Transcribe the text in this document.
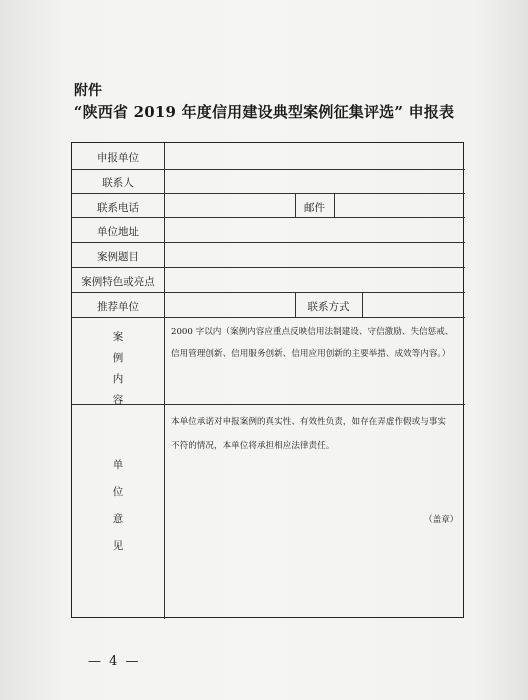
附件
“陕西省 2019 年度信用建设典型案例征集评选” 申报表
申报单位
联系人
联系电话	邮件
单位地址
案例题目
案例特色或亮点
推荐单位	联系方式
案
例
内
容
2000 字以内（案例内容应重点反映信用法制建设、守信激励、失信惩戒、
信用管理创新、信用服务创新、信用应用创新的主要举措、成效等内容。）
单
位
意
见
本单位承诺对申报案例的真实性、有效性负责，如存在弄虚作假或与事实
不符的情况，本单位将承担相应法律责任。
（盖章）
— 4 —
